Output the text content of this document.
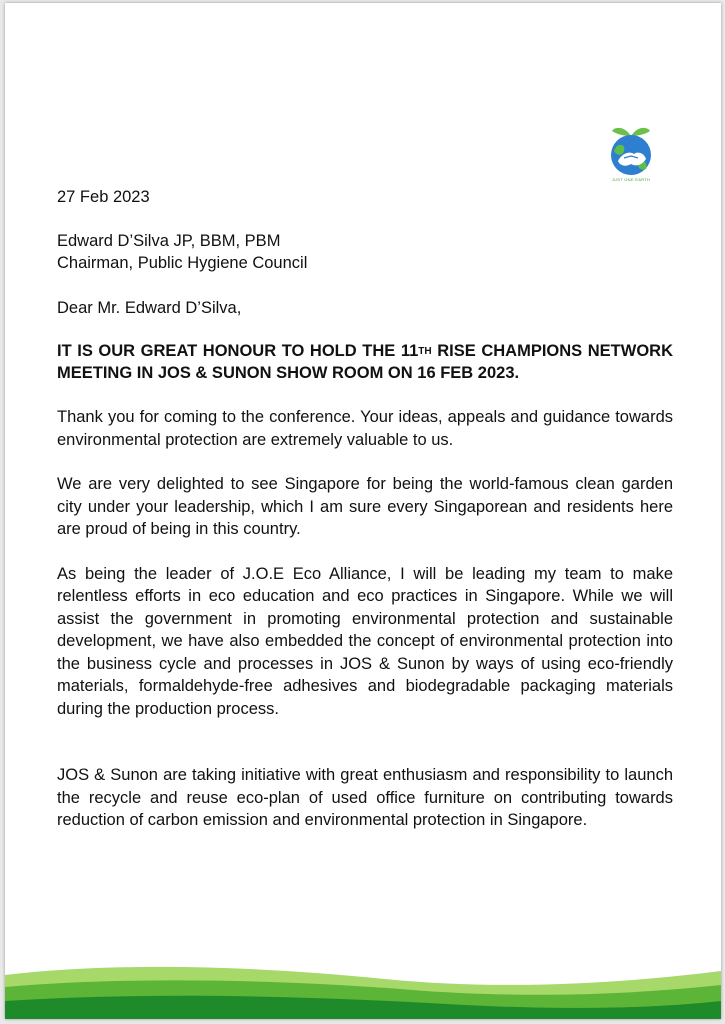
JUST ONE EARTH

27 Feb 2023

Edward D’Silva JP, BBM, PBM

Chairman, Public Hygiene Council

Dear Mr. Edward D’Silva,

IT IS OUR GREAT HONOUR TO HOLD THE 11TH RISE CHAMPIONS NETWORK MEETING IN JOS & SUNON SHOW ROOM ON 16 FEB 2023.

Thank you for coming to the conference. Your ideas, appeals and guidance towards environmental protection are extremely valuable to us.

We are very delighted to see Singapore for being the world-famous clean garden city under your leadership, which I am sure every Singaporean and residents here are proud of being in this country.

As being the leader of J.O.E Eco Alliance, I will be leading my team to make relentless efforts in eco education and eco practices in Singapore. While we will assist the government in promoting environmental protection and sustainable development, we have also embedded the concept of environmental protection into the business cycle and processes in JOS & Sunon by ways of using eco-friendly materials, formaldehyde-free adhesives and biodegradable packaging materials during the production process.

JOS & Sunon are taking initiative with great enthusiasm and responsibility to launch the recycle and reuse eco-plan of used office furniture on contributing towards reduction of carbon emission and environmental protection in Singapore.
